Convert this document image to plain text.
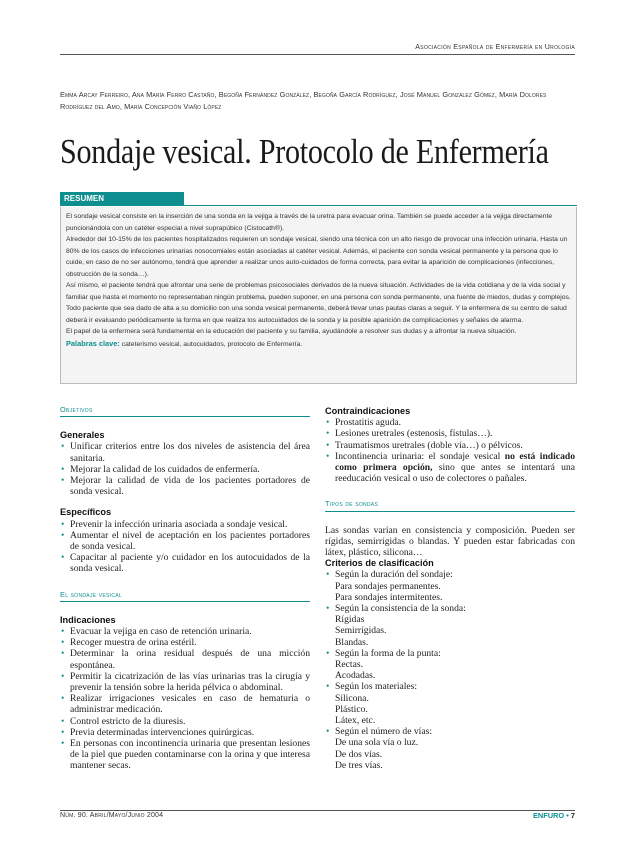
Asociación Española de Enfermería en Urología
Emma Arcay Ferreiro, Ana María Ferro Castaño, Begoña Fernández González, Begoña García Rodríguez, José Manuel González Gómez, María Dolores Rodríguez del Amo, María Concepción Viaño López
Sondaje vesical. Protocolo de Enfermería
RESUMEN

El sondaje vesical consiste en la inserción de una sonda en la vejiga a través de la uretra para evacuar orina. También se puede acceder a la vejiga directamente puncionándola con un catéter especial a nivel suprapúbico (Cistocath®).

Alrededor del 10-15% de los pacientes hospitalizados requieren un sondaje vesical, siendo una técnica con un alto riesgo de provocar una infección urinaria. Hasta un 80% de los casos de infecciones urinarias nosocomiales están asociadas al catéter vesical. Además, el paciente con sonda vesical permanente y la persona que lo cuide, en caso de no ser autónomo, tendrá que aprender a realizar unos auto-cuidados de forma correcta, para evitar la aparición de complicaciones (infecciones, obstrucción de la sonda…).

Así mismo, el paciente tendrá que afrontar una serie de problemas psicosociales derivados de la nueva situación. Actividades de la vida cotidiana y de la vida social y familiar que hasta el momento no representaban ningún problema, pueden suponer, en una persona con sonda permanente, una fuente de miedos, dudas y complejos.

Todo paciente que sea dado de alta a su domicilio con una sonda vesical permanente, deberá llevar unas pautas claras a seguir. Y la enfermera de su centro de salud deberá ir evaluando periódicamente la forma en que realiza los autocuidados de la sonda y la posible aparición de complicaciones y señales de alarma.

El papel de la enfermera será fundamental en la educación del paciente y su familia, ayudándole a resolver sus dudas y a afrontar la nueva situación.

Palabras clave: cateterismo vesical, autocuidados, protocolo de Enfermería.

Objetivos

Generales

• Unificar criterios entre los dos niveles de asistencia del área sanitaria.
• Mejorar la calidad de los cuidados de enfermería.
• Mejorar la calidad de vida de los pacientes portadores de sonda vesical.

Específicos

• Prevenir la infección urinaria asociada a sondaje vesical.
• Aumentar el nivel de aceptación en los pacientes portadores de sonda vesical.
• Capacitar al paciente y/o cuidador en los autocuidados de la sonda vesical.
El sondaje vesical

Indicaciones

• Evacuar la vejiga en caso de retención urinaria.
• Recoger muestra de orina estéril.
• Determinar la orina residual después de una micción espontánea.
• Permitir la cicatrización de las vías urinarias tras la cirugía y prevenir la tensión sobre la herida pélvica o abdominal.
• Realizar irrigaciones vesicales en caso de hematuria o administrar medicación.
• Control estricto de la diuresis.
• Previa determinadas intervenciones quirúrgicas.
• En personas con incontinencia urinaria que presentan lesiones de la piel que pueden contaminarse con la orina y que interesa mantener secas.

Contraindicaciones

• Prostatitis aguda.
• Lesiones uretrales (estenosis, fístulas…).
• Traumatismos uretrales (doble vía…) o pélvicos.
• Incontinencia urinaria: el sondaje vesical no está indicado como primera opción, sino que antes se intentará una reeducación vesical o uso de colectores o pañales.
Tipos de sondas

Las sondas varían en consistencia y composición. Pueden ser rígidas, semirrígidas o blandas. Y pueden estar fabricadas con látex, plástico, silicona…

Criterios de clasificación

• Según la duración del sondaje:

Para sondajes permanentes.

Para sondajes intermitentes.

• Según la consistencia de la sonda:

Rígidas

Semirrígidas.

Blandas.

• Según la forma de la punta:

Rectas.

Acodadas.

• Según los materiales:

Silicona.

Plástico.

Látex, etc.

• Según el número de vías:

De una sola vía o luz.

De dos vías.

De tres vías.

Núm. 90. Abril/Mayo/Junio 2004	ENFURO • 7
